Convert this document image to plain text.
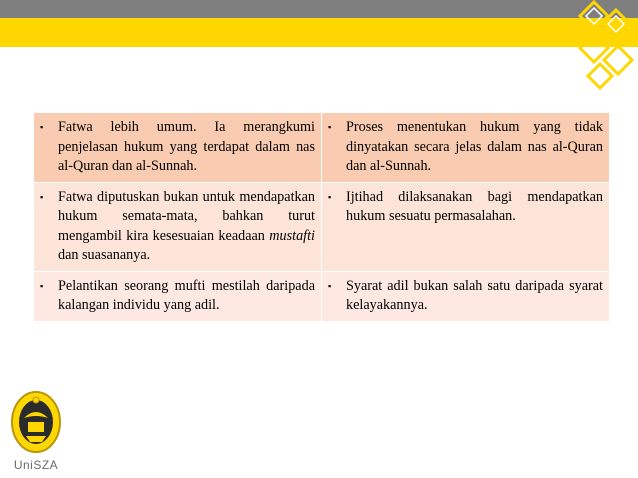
▪ Fatwa lebih umum. Ia merangkumi penjelasan hukum yang terdapat dalam nas al-Quran dan al-Sunnah.	▪ Proses menentukan hukum yang tidak dinyatakan secara jelas dalam nas al-Quran dan al-Sunnah.

▪ Fatwa diputuskan bukan untuk mendapatkan hukum semata-mata, bahkan turut mengambil kira kesesuaian keadaan mustafti dan suasananya.	▪ Ijtihad dilaksanakan bagi mendapatkan hukum sesuatu permasalahan.

▪ Pelantikan seorang mufti mestilah daripada kalangan individu yang adil.	▪ Syarat adil bukan salah satu daripada syarat kelayakannya.
UniSZA
